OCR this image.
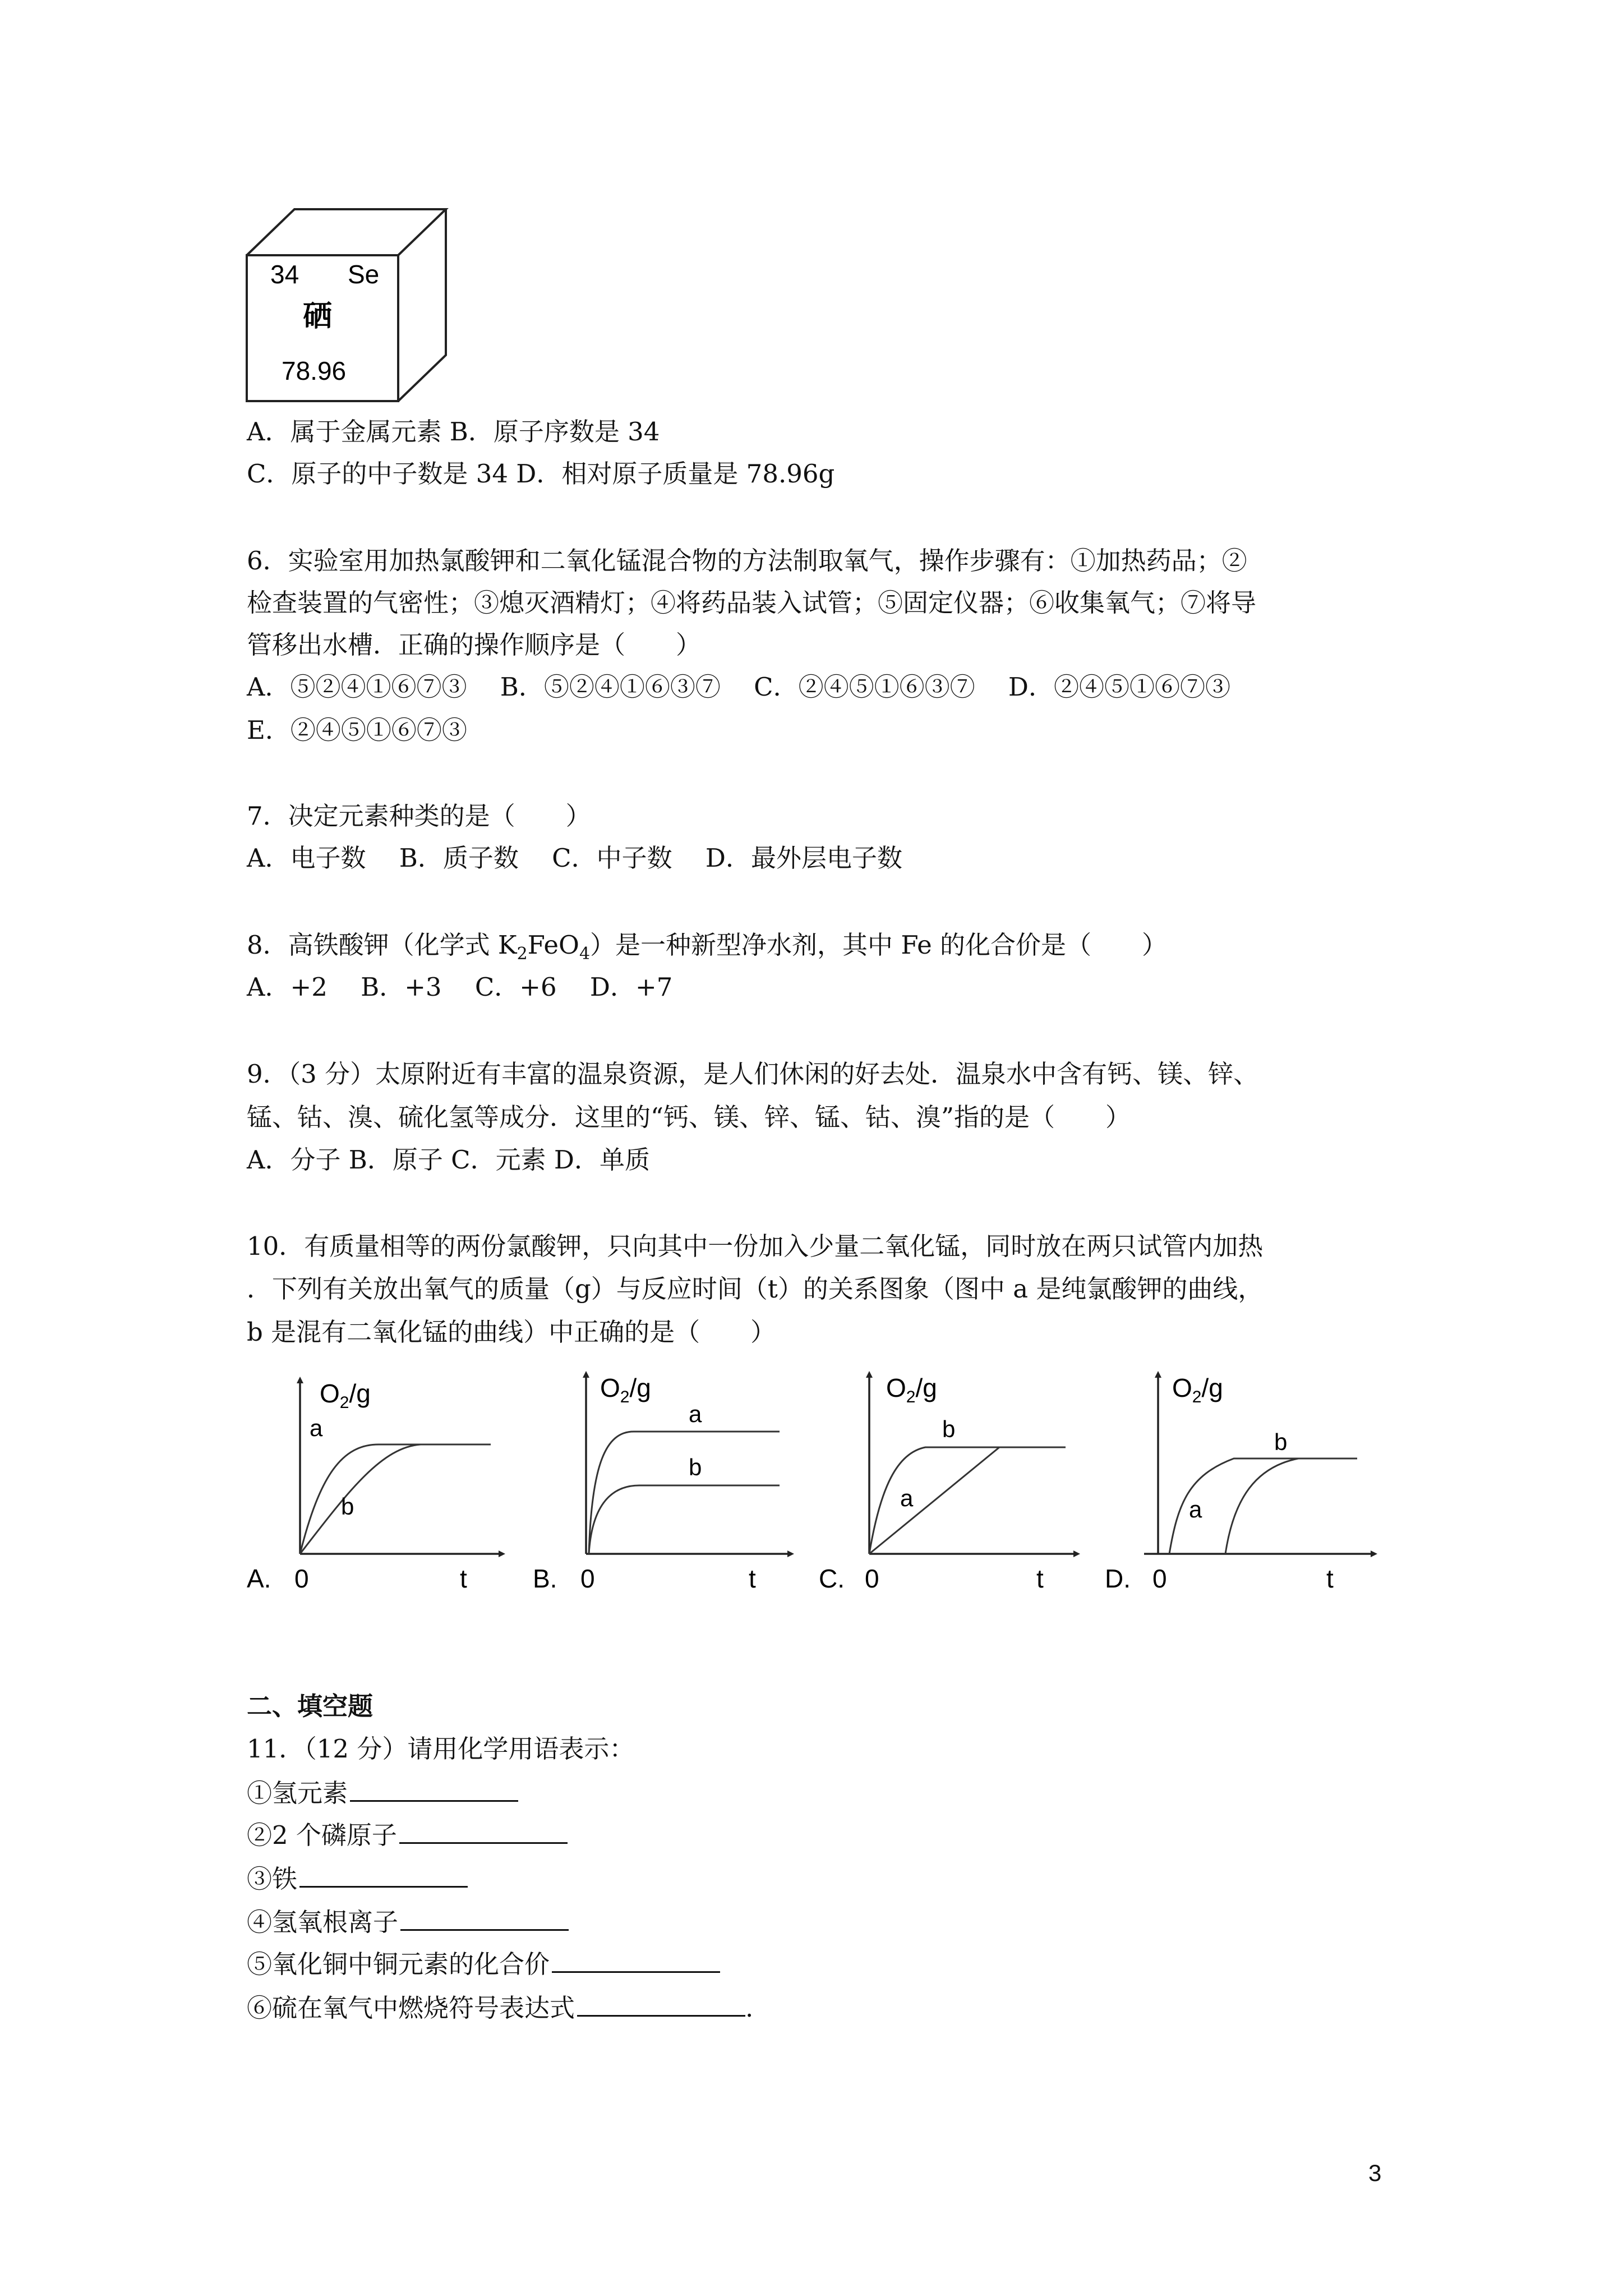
34 Se
硒
78.96
A．属于金属元素 B．原子序数是 34
C．原子的中子数是 34 D．相对原子质量是 78.96g
6．实验室用加热氯酸钾和二氧化锰混合物的方法制取氧气，操作步骤有：①加热药品；②
检查装置的气密性；③熄灭酒精灯；④将药品装入试管；⑤固定仪器；⑥收集氧气；⑦将导
管移出水槽．正确的操作顺序是（　　）
A．⑤②④①⑥⑦③　 B．⑤②④①⑥③⑦　 C．②④⑤①⑥③⑦　 D．②④⑤①⑥⑦③
E．②④⑤①⑥⑦③
7．决定元素种类的是（　　）
A．电子数　 B．质子数　 C．中子数　 D．最外层电子数
8．高铁酸钾（化学式 $K_2FeO_4$）是一种新型净水剂，其中 Fe 的化合价是（　　）
A．+2　 B．+3　 C．+6　 D．+7
9．（3 分）太原附近有丰富的温泉资源，是人们休闲的好去处．温泉水中含有钙、镁、锌、
锰、钴、溴、硫化氢等成分．这里的“钙、镁、锌、锰、钴、溴”指的是（　　）
A．分子 B．原子 C．元素 D．单质
10．有质量相等的两份氯酸钾，只向其中一份加入少量二氧化锰，同时放在两只试管内加热
．下列有关放出氧气的质量（g）与反应时间（t）的关系图象（图中 a 是纯氯酸钾的曲线，
b 是混有二氧化锰的曲线）中正确的是（　　）
A.
$O_2/g$
0	t
a
b
B.
$O_2/g$
0	t
a
b
C.
$O_2/g$
0	t
a
b
D.
$O_2/g$
0	t
a
b
二、填空题
11．（12 分）请用化学用语表示：
①氢元素
②2 个磷原子
③铁
④氢氧根离子
⑤氧化铜中铜元素的化合价
⑥硫在氧气中燃烧符号表达式	.
3
